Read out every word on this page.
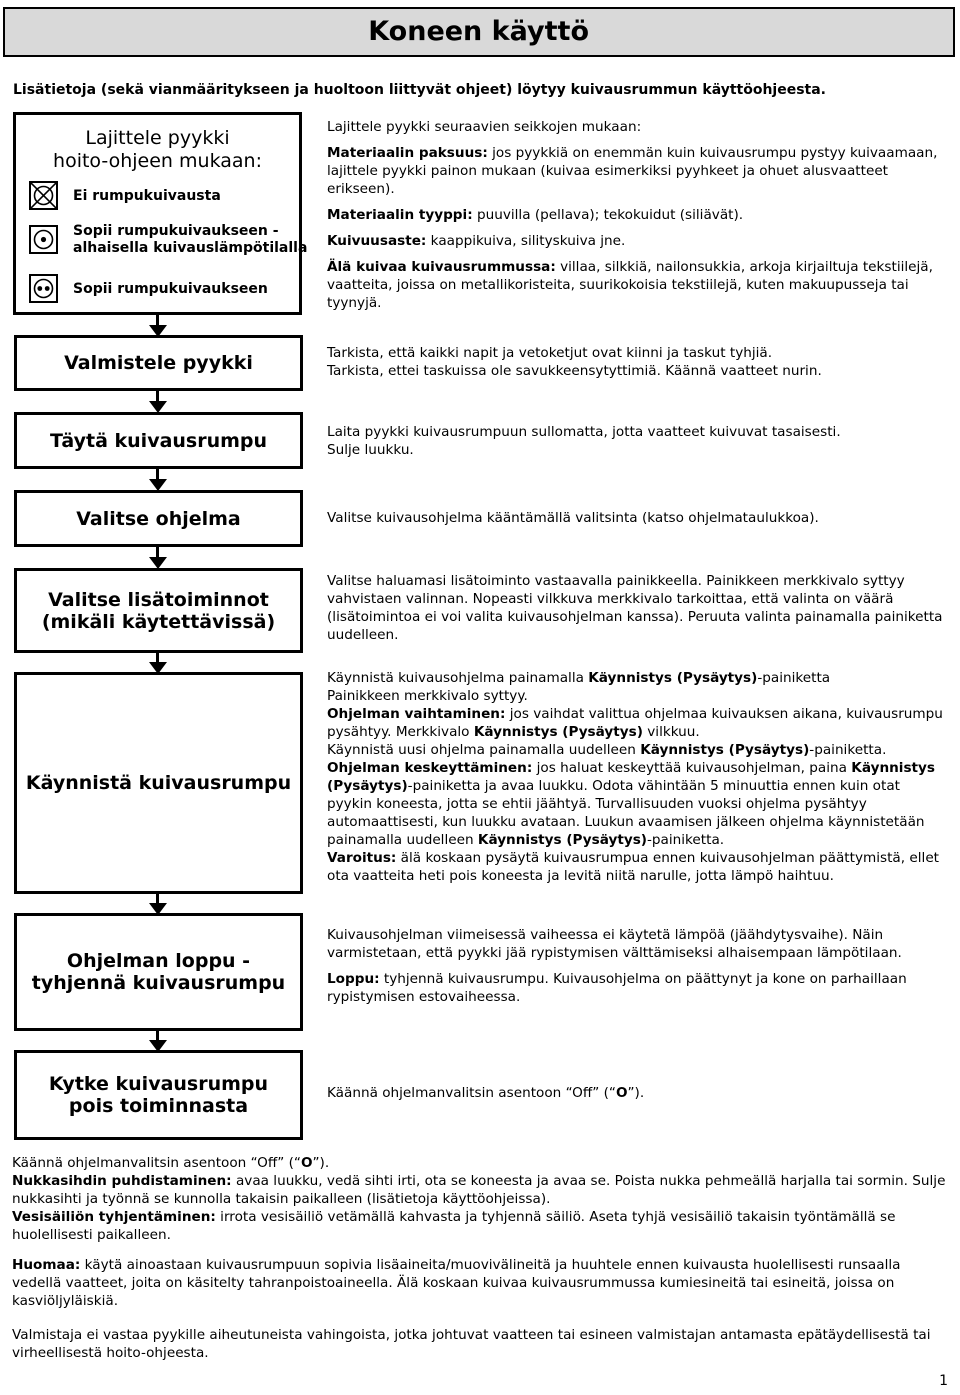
Koneen käyttö
Lisätietoja (sekä vianmääritykseen ja huoltoon liittyvät ohjeet) löytyy kuivausrummun käyttöohjeesta.
Lajittele pyykki
hoito-ohjeen mukaan:
Ei rumpukuivausta
Sopii rumpukuivaukseen -
alhaisella kuivauslämpötilalla
Sopii rumpukuivaukseen
Valmistele pyykki
Täytä kuivausrumpu
Valitse ohjelma
Valitse lisätoiminnot
(mikäli käytettävissä)
Käynnistä kuivausrumpu
Ohjelman loppu -
tyhjennä kuivausrumpu
Kytke kuivausrumpu
pois toiminnasta

Lajittele pyykki seuraavien seikkojen mukaan:

Materiaalin paksuus: jos pyykkiä on enemmän kuin kuivausrumpu pystyy kuivaamaan, lajittele pyykki painon mukaan (kuivaa esimerkiksi pyyhkeet ja ohuet alusvaatteet erikseen).

Materiaalin tyyppi: puuvilla (pellava); tekokuidut (siliävät).

Kuivuusaste: kaappikuiva, silityskuiva jne.

Älä kuivaa kuivausrummussa: villaa, silkkiä, nailonsukkia, arkoja kirjailtuja tekstiilejä, vaatteita, joissa on metallikoristeita, suurikokoisia tekstiilejä, kuten makuupusseja tai tyynyjä.

Tarkista, että kaikki napit ja vetoketjut ovat kiinni ja taskut tyhjiä.

Tarkista, ettei taskuissa ole savukkeensytyttimiä. Käännä vaatteet nurin.

Laita pyykki kuivausrumpuun sullomatta, jotta vaatteet kuivuvat tasaisesti.

Sulje luukku.

Valitse kuivausohjelma kääntämällä valitsinta (katso ohjelmataulukkoa).

Valitse haluamasi lisätoiminto vastaavalla painikkeella. Painikkeen merkkivalo syttyy vahvistaen valinnan. Nopeasti vilkkuva merkkivalo tarkoittaa, että valinta on väärä (lisätoimintoa ei voi valita kuivausohjelman kanssa). Peruuta valinta painamalla painiketta uudelleen.

Käynnistä kuivausohjelma painamalla Käynnistys (Pysäytys)-painiketta

Painikkeen merkkivalo syttyy.

Ohjelman vaihtaminen: jos vaihdat valittua ohjelmaa kuivauksen aikana, kuivausrumpu pysähtyy. Merkkivalo Käynnistys (Pysäytys) vilkkuu.

Käynnistä uusi ohjelma painamalla uudelleen Käynnistys (Pysäytys)-painiketta.

Ohjelman keskeyttäminen: jos haluat keskeyttää kuivausohjelman, paina Käynnistys (Pysäytys)-painiketta ja avaa luukku. Odota vähintään 5 minuuttia ennen kuin otat pyykin koneesta, jotta se ehtii jäähtyä. Turvallisuuden vuoksi ohjelma pysähtyy automaattisesti, kun luukku avataan. Luukun avaamisen jälkeen ohjelma käynnistetään painamalla uudelleen Käynnistys (Pysäytys)-painiketta.

Varoitus: älä koskaan pysäytä kuivausrumpua ennen kuivausohjelman päättymistä, ellet ota vaatteita heti pois koneesta ja levitä niitä narulle, jotta lämpö haihtuu.

Kuivausohjelman viimeisessä vaiheessa ei käytetä lämpöä (jäähdytysvaihe). Näin varmistetaan, että pyykki jää rypistymisen välttämiseksi alhaisempaan lämpötilaan.

Loppu: tyhjennä kuivausrumpu. Kuivausohjelma on päättynyt ja kone on parhaillaan rypistymisen estovaiheessa.

Käännä ohjelmanvalitsin asentoon “Off” (“O”).

Käännä ohjelmanvalitsin asentoon “Off” (“O”).

Nukkasihdin puhdistaminen: avaa luukku, vedä sihti irti, ota se koneesta ja avaa se. Poista nukka pehmeällä harjalla tai sormin. Sulje nukkasihti ja työnnä se kunnolla takaisin paikalleen (lisätietoja käyttöohjeissa).

Vesisäiliön tyhjentäminen: irrota vesisäiliö vetämällä kahvasta ja tyhjennä säiliö. Aseta tyhjä vesisäiliö takaisin työntämällä se huolellisesti paikalleen.

Huomaa: käytä ainoastaan kuivausrumpuun sopivia lisäaineita/muovivälineitä ja huuhtele ennen kuivausta huolellisesti runsaalla vedellä vaatteet, joita on käsitelty tahranpoistoaineella. Älä koskaan kuivaa kuivausrummussa kumiesineitä tai esineitä, joissa on kasviöljyläiskiä.

Valmistaja ei vastaa pyykille aiheutuneista vahingoista, jotka johtuvat vaatteen tai esineen valmistajan antamasta epätäydellisestä tai virheellisestä hoito-ohjeesta.

1
